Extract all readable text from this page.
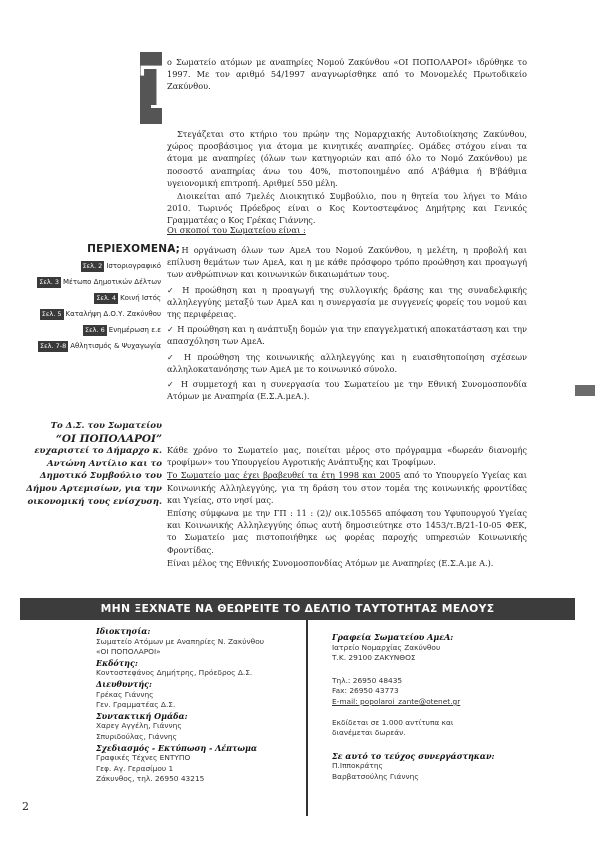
Τ

ο Σωματείο ατόμων με αναπηρίες Νομού Ζακύνθου «ΟΙ ΠΟΠΟΛΑΡΟΙ» ιδρύθηκε το 1997. Με τον αριθμό 54/1997 αναγνωρίσθηκε από το Μονομελές Πρωτοδικείο Ζακύνθου.

Στεγάζεται στο κτήριο του πρώην της Νομαρχιακής Αυτοδιοίκησης Ζακύνθου, χώρος προσβάσιμος για άτομα με κινητικές αναπηρίες. Ομάδες στόχου είναι τα άτομα με αναπηρίες (όλων των κατηγοριών και από όλο το Νομό Ζακύνθου) με ποσοστό αναπηρίας άνω του 40%, πιστοποιημένο από Α'βάθμια ή Β'βάθμια υγειονομική επιτροπή. Αριθμεί 550 μέλη.

Διοικείται από 7μελές Διοικητικό Συμβούλιο, που η θητεία του λήγει το Μάιο 2010. Τωρινός Πρόεδρος είναι ο Κος Κοντοστεφάνος Δημήτρης και Γενικός Γραμματέας ο Κος Γρέκας Γιάννης.

Οι σκοποί του Σωματείου είναι :

✓ Η οργάνωση όλων των ΑμεΑ του Νομού Ζακύνθου, η μελέτη, η προβολή και επίλυση θεμάτων των ΑμεΑ, και η με κάθε πρόσφορο τρόπο προώθηση και προαγωγή των ανθρώπινων και κοινωνικών δικαιωμάτων τους.

✓ Η προώθηση και η προαγωγή της συλλογικής δράσης και της συναδελφικής αλληλεγγύης μεταξύ των ΑμεΑ και η συνεργασία με συγγενείς φορείς του νομού και της περιφέρειας.

✓ Η προώθηση και η ανάπτυξη δομών για την επαγγελματική αποκατάσταση και την απασχόληση των ΑμεΑ.

✓ Η προώθηση της κοινωνικής αλληλεγγύης και η ευαισθητοποίηση σχέσεων αλληλοκατανόησης των ΑμεΑ με το κοινωνικό σύνολο.

✓ Η συμμετοχή και η συνεργασία του Σωματείου με την Εθνική Συνομοσπονδία Ατόμων με Αναπηρία (Ε.Σ.Α.μεΑ.).

Κάθε χρόνο το Σωματείο μας, ποιείται μέρος στο πρόγραμμα «δωρεάν διανομής τροφίμων» του Υπουργείου Αγροτικής Ανάπτυξης και Τροφίμων.

Το Σωματείο μας έχει βραβευθεί τα έτη 1998 και 2005 από το Υπουργείο Υγείας και Κοινωνικής Αλληλεγγύης, για τη δράση του στον τομέα της κοινωνικής φροντίδας και Υγείας, στο νησί μας.

Επίσης σύμφωνα με την ΓΠ : 11 : (2)/ οικ.105565 απόφαση του Υφυπουργού Υγείας και Κοινωνικής Αλληλεγγύης όπως αυτή δημοσιεύτηκε στο 1453/τ.Β/21-10-05 ΦΕΚ, το Σωματείο μας πιστοποιήθηκε ως φορέας παροχής υπηρεσιών Κοινωνικής Φροντίδας.

Είναι μέλος της Εθνικής Συνομοσπονδίας Ατόμων με Αναπηρίες (Ε.Σ.Α.με Α.).

ΠΕΡΙΕΧΟΜΕΝΑ;
Σελ. 2 Ιστοριογραφικό
Σελ. 3 Μέτωπο Δημοτικών Δέλτων
Σελ. 4 Κοινή Ιστός
Σελ. 5 Καταλήψη Δ.Ο.Υ. Ζακύνθου
Σελ. 6 Ενημέρωση ε.ε
Σελ. 7-8 Αθλητισμός & Ψυχαγωγία
Το Δ.Σ. του Σωματείου
“ΟΙ ΠΟΠΟΛΑΡΟΙ”
ευχαριστεί το Δήμαρχο κ. Αντώνη Αντίλιο και το Δημοτικό Συμβούλιο του Δήμου Αρτεμισίων, για την οικονομική τους ενίσχυση.
ΜΗΝ ΞΕΧΝΑΤΕ ΝΑ ΘΕΩΡΕΙΤΕ ΤΟ ΔΕΛΤΙΟ ΤΑΥΤΟΤΗΤΑΣ ΜΕΛΟΥΣ
Ιδιοκτησία:
Σωματείο Ατόμων με Αναπηρίες Ν. Ζακύνθου
«ΟΙ ΠΟΠΟΛΑΡΟΙ»
Εκδότης:
Κοντοστεφάνος Δημήτρης, Πρόεδρος Δ.Σ.
Διευθυντής:
Γρέκας Γιάννης
Γεν. Γραμματέας Δ.Σ.
Συντακτική Ομάδα:
Χαρεγ Αγγέλη, Γιάννης
Σπυριδούλας, Γιάννης
Σχεδιασμός - Εκτύπωση - Λέπτωμα
Γραφικές Τέχνες ΕΝΤΥΠΟ
Γεφ. Αγ. Γερασίμου 1
Ζάκυνθος, τηλ. 26950 43215
Γραφεία Σωματείου ΑμεΑ:
Ιατρείο Νομαρχίας Ζακύνθου
Τ.Κ. 29100 ΖΑΚΥΝΘΟΣ
Τηλ.: 26950 48435
Fax: 26950 43773
E-mail: popolaroi_zante@otenet.gr
Εκδίδεται σε 1.000 αντίτυπα και
διανέμεται δωρεάν.
Σε αυτό το τεύχος συνεργάστηκαν:
Π.Ιπποκράτης
Βαρβατσούλης Γιάννης
2
